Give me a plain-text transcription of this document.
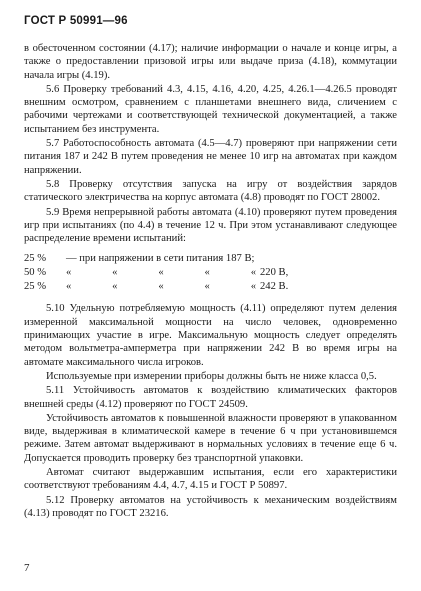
ГОСТ Р 50991—96

в обесточенном состоянии (4.17); наличие информации о начале и конце игры, а также о предоставлении призовой игры или выдаче приза (4.18), коммутации начала игры (4.19).

5.6 Проверку требований 4.3, 4.15, 4.16, 4.20, 4.25, 4.26.1—4.26.5 проводят внешним осмотром, сравнением с планшетами внешнего вида, сличением с рабочими чертежами и соответствующей технической документацией, а также испытанием без инструмента.

5.7 Работоспособность автомата (4.5—4.7) проверяют при напряжении сети питания 187 и 242 В путем проведения не менее 10 игр на автоматах при каждом напряжении.

5.8 Проверку отсутствия запуска на игру от воздействия зарядов статического электричества на корпус автомата (4.8) проводят по ГОСТ 28002.

5.9 Время непрерывной работы автомата (4.10) проверяют путем проведения игр при испытаниях (по 4.4) в течение 12 ч. При этом устанавливают следующее распределение времени испытаний:

25 %	— при напряжении в сети питания 187 В;
50 %	«	«	«	«	« 220 В,
25 %	«	«	«	«	« 242 В.

5.10 Удельную потребляемую мощность (4.11) определяют путем деления измеренной максимальной мощности на число человек, одновременно принимающих участие в игре. Максимальную мощность следует определять методом вольтметра-амперметра при напряжении 242 В во время игры на автомате максимального числа игроков.

Используемые при измерении приборы должны быть не ниже класса 0,5.

5.11 Устойчивость автоматов к воздействию климатических факторов внешней среды (4.12) проверяют по ГОСТ 24509.

Устойчивость автоматов к повышенной влажности проверяют в упакованном виде, выдерживая в климатической камере в течение 6 ч при установившемся режиме. Затем автомат выдерживают в нормальных условиях в течение еще 6 ч. Допускается проводить проверку без транспортной упаковки.

Автомат считают выдержавшим испытания, если его характеристики соответствуют требованиям 4.4, 4.7, 4.15 и ГОСТ Р 50897.

5.12 Проверку автоматов на устойчивость к механическим воздействиям (4.13) проводят по ГОСТ 23216.

7
